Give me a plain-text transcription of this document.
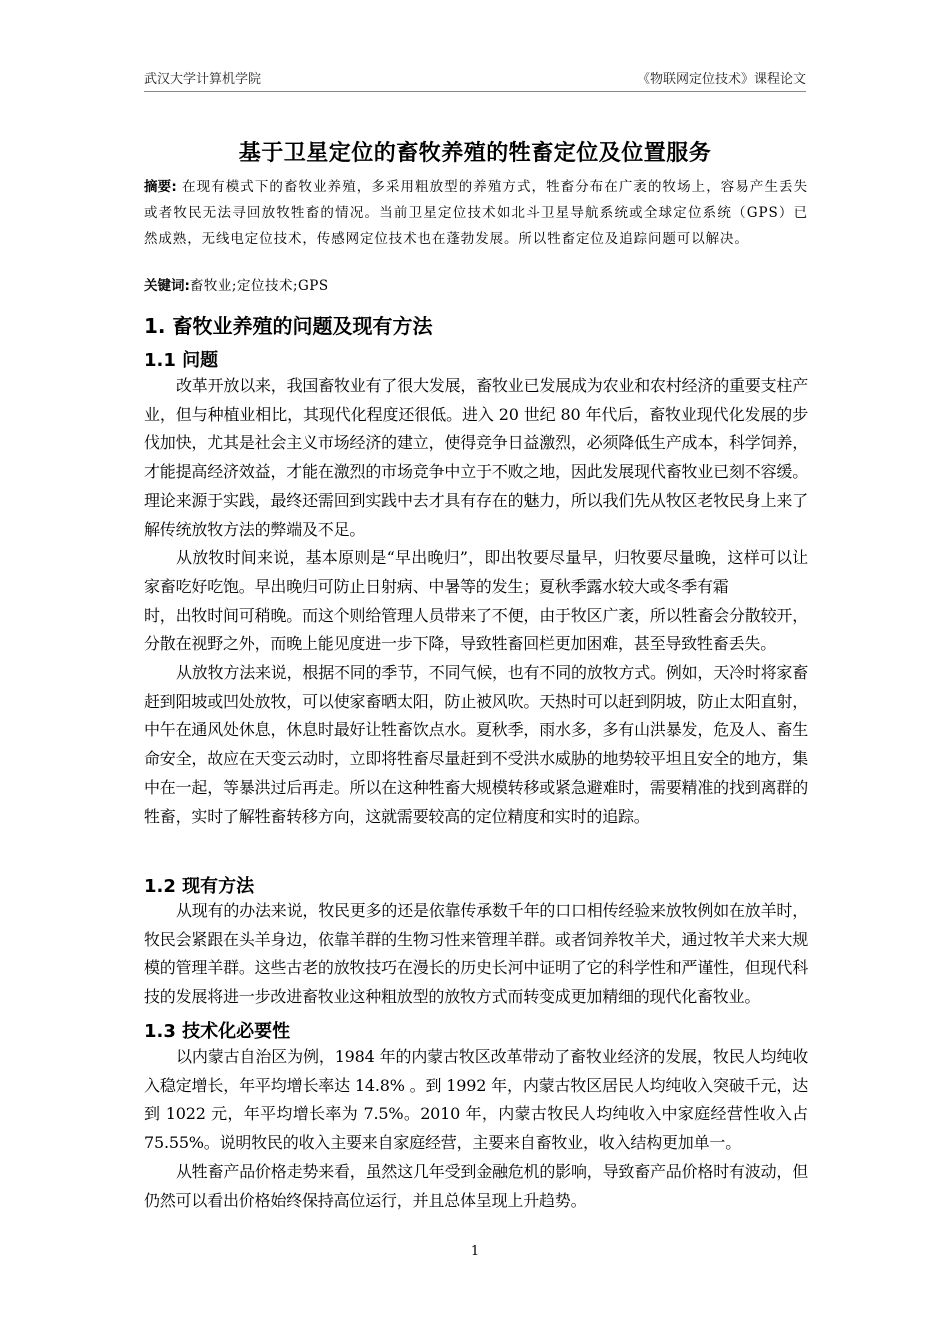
武汉大学计算机学院	《物联网定位技术》课程论文
基于卫星定位的畜牧养殖的牲畜定位及位置服务
摘要: 在现有模式下的畜牧业养殖，多采用粗放型的养殖方式，牲畜分布在广袤的牧场上，容易产生丢失或者牧民无法寻回放牧牲畜的情况。当前卫星定位技术如北斗卫星导航系统或全球定位系统（GPS）已然成熟，无线电定位技术，传感网定位技术也在蓬勃发展。所以牲畜定位及追踪问题可以解决。
关键词:畜牧业;定位技术;GPS
1. 畜牧业养殖的问题及现有方法
1.1 问题

改革开放以来，我国畜牧业有了很大发展，畜牧业已发展成为农业和农村经济的重要支柱产业，但与种植业相比，其现代化程度还很低。进入 20 世纪 80 年代后，畜牧业现代化发展的步伐加快，尤其是社会主义市场经济的建立，使得竞争日益激烈，必须降低生产成本，科学饲养，才能提高经济效益，才能在激烈的市场竞争中立于不败之地，因此发展现代畜牧业已刻不容缓。理论来源于实践，最终还需回到实践中去才具有存在的魅力，所以我们先从牧区老牧民身上来了解传统放牧方法的弊端及不足。

从放牧时间来说，基本原则是“早出晚归”，即出牧要尽量早，归牧要尽量晚，这样可以让家畜吃好吃饱。早出晚归可防止日射病、中暑等的发生；夏秋季露水较大或冬季有霜

时，出牧时间可稍晚。而这个则给管理人员带来了不便，由于牧区广袤，所以牲畜会分散较开，分散在视野之外，而晚上能见度进一步下降，导致牲畜回栏更加困难，甚至导致牲畜丢失。

从放牧方法来说，根据不同的季节，不同气候，也有不同的放牧方式。例如，天冷时将家畜赶到阳坡或凹处放牧，可以使家畜晒太阳，防止被风吹。天热时可以赶到阴坡，防止太阳直射，中午在通风处休息，休息时最好让牲畜饮点水。夏秋季，雨水多，多有山洪暴发，危及人、畜生命安全，故应在天变云动时，立即将牲畜尽量赶到不受洪水威胁的地势较平坦且安全的地方，集中在一起，等暴洪过后再走。所以在这种牲畜大规模转移或紧急避难时，需要精准的找到离群的牲畜，实时了解牲畜转移方向，这就需要较高的定位精度和实时的追踪。

1.2 现有方法

从现有的办法来说，牧民更多的还是依靠传承数千年的口口相传经验来放牧例如在放羊时，牧民会紧跟在头羊身边，依靠羊群的生物习性来管理羊群。或者饲养牧羊犬，通过牧羊犬来大规模的管理羊群。这些古老的放牧技巧在漫长的历史长河中证明了它的科学性和严谨性，但现代科技的发展将进一步改进畜牧业这种粗放型的放牧方式而转变成更加精细的现代化畜牧业。

1.3 技术化必要性

以内蒙古自治区为例，1984 年的内蒙古牧区改革带动了畜牧业经济的发展，牧民人均纯收入稳定增长，年平均增长率达 14.8% 。到 1992 年，内蒙古牧区居民人均纯收入突破千元，达到 1022 元，年平均增长率为 7.5%。2010 年，内蒙古牧民人均纯收入中家庭经营性收入占 75.55%。说明牧民的收入主要来自家庭经营，主要来自畜牧业，收入结构更加单一。

从牲畜产品价格走势来看，虽然这几年受到金融危机的影响，导致畜产品价格时有波动，但仍然可以看出价格始终保持高位运行，并且总体呈现上升趋势。

1
